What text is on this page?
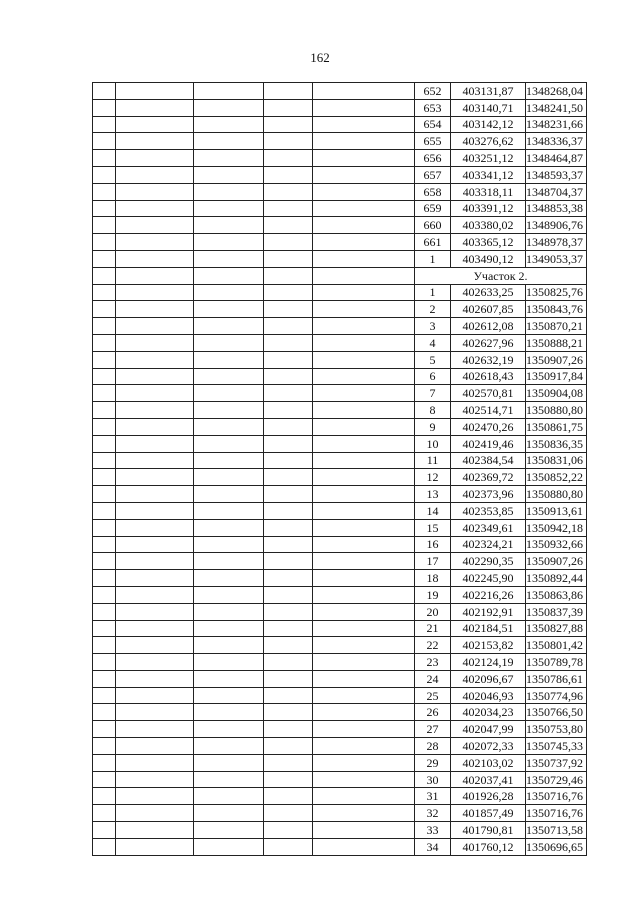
162
					652	403131,87	1348268,04
					653	403140,71	1348241,50
					654	403142,12	1348231,66
					655	403276,62	1348336,37
					656	403251,12	1348464,87
					657	403341,12	1348593,37
					658	403318,11	1348704,37
					659	403391,12	1348853,38
					660	403380,02	1348906,76
					661	403365,12	1348978,37
					1	403490,12	1349053,37
					Участок 2.		
					1	402633,25	1350825,76
					2	402607,85	1350843,76
					3	402612,08	1350870,21
					4	402627,96	1350888,21
					5	402632,19	1350907,26
					6	402618,43	1350917,84
					7	402570,81	1350904,08
					8	402514,71	1350880,80
					9	402470,26	1350861,75
					10	402419,46	1350836,35
					11	402384,54	1350831,06
					12	402369,72	1350852,22
					13	402373,96	1350880,80
					14	402353,85	1350913,61
					15	402349,61	1350942,18
					16	402324,21	1350932,66
					17	402290,35	1350907,26
					18	402245,90	1350892,44
					19	402216,26	1350863,86
					20	402192,91	1350837,39
					21	402184,51	1350827,88
					22	402153,82	1350801,42
					23	402124,19	1350789,78
					24	402096,67	1350786,61
					25	402046,93	1350774,96
					26	402034,23	1350766,50
					27	402047,99	1350753,80
					28	402072,33	1350745,33
					29	402103,02	1350737,92
					30	402037,41	1350729,46
					31	401926,28	1350716,76
					32	401857,49	1350716,76
					33	401790,81	1350713,58
					34	401760,12	1350696,65
